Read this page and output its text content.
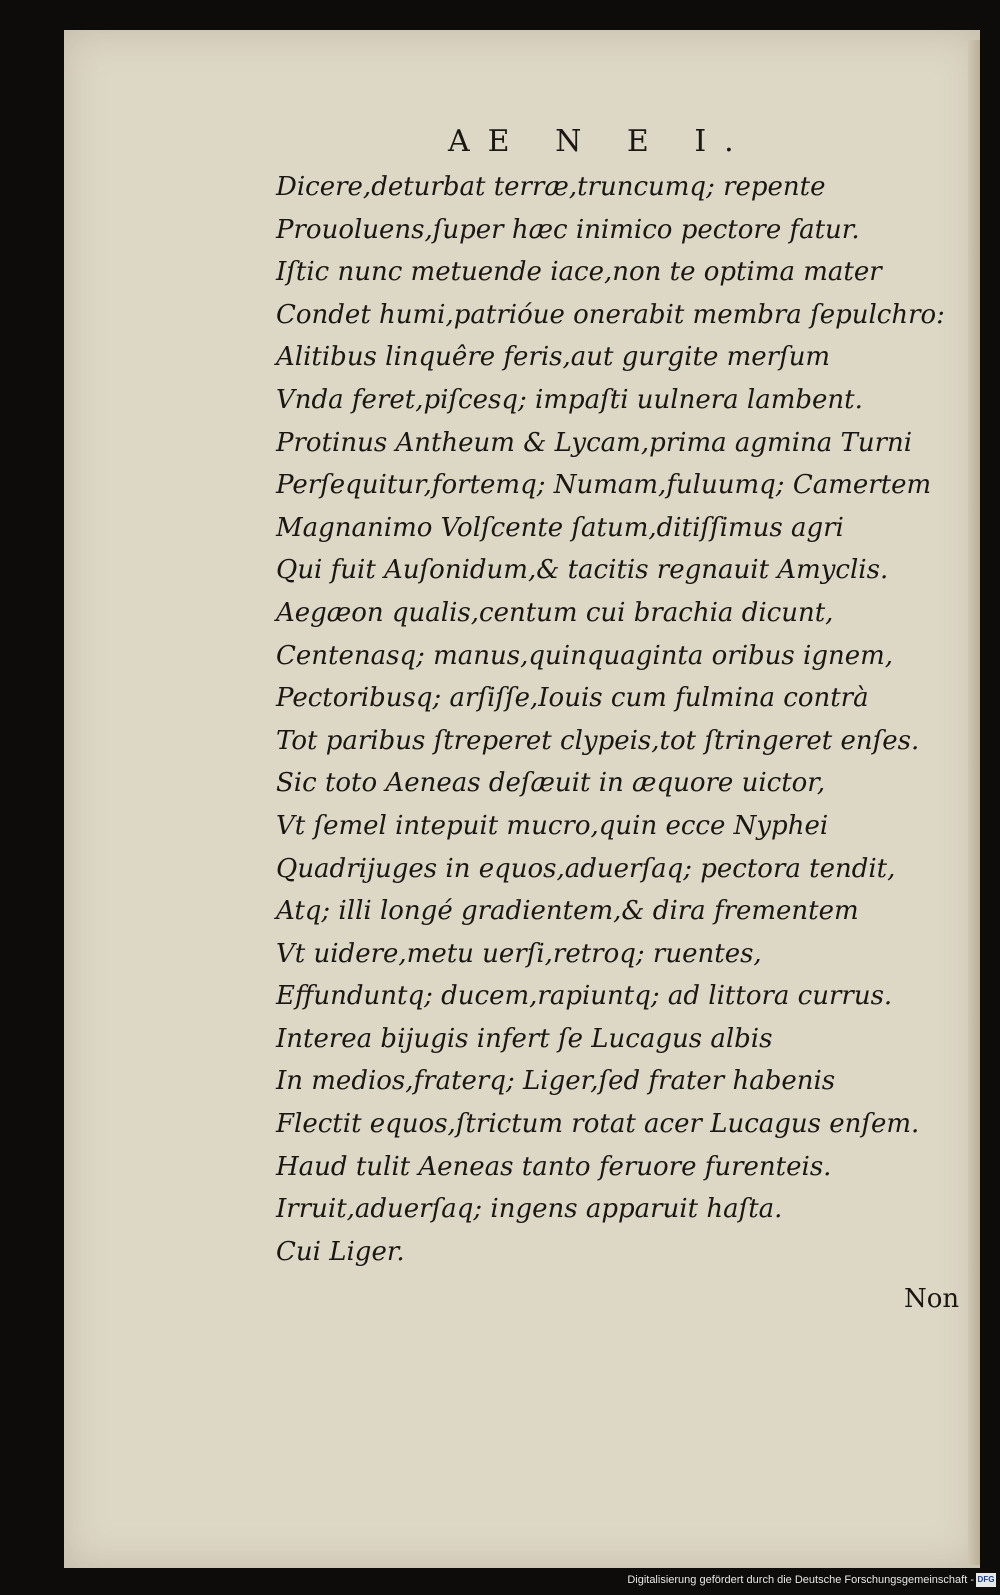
AE N E I.
Dicere,deturbat terræ,truncumq; repente
Prouoluens,ſuper hæc inimico pectore fatur.
Iſtic nunc metuende iace,non te optima mater
Condet humi,patrióue onerabit membra ſepulchro:
Alitibus linquêre feris,aut gurgite merſum
Vnda feret,piſcesq; impaſti uulnera lambent.
Protinus Antheum & Lycam,prima agmina Turni
Perſequitur,fortemq; Numam,fuluumq; Camertem
Magnanimo Volſcente ſatum,ditiſſimus agri
Qui fuit Auſonidum,& tacitis regnauit Amyclis.
Aegæon qualis,centum cui brachia dicunt,
Centenasq; manus,quinquaginta oribus ignem,
Pectoribusq; arſiſſe,Iouis cum fulmina contrà
Tot paribus ſtreperet clypeis,tot ſtringeret enſes.
Sic toto Aeneas deſæuit in æquore uictor,
Vt ſemel intepuit mucro,quin ecce Nyphei
Quadrijuges in equos,aduerſaq; pectora tendit,
Atq; illi longé gradientem,& dira frementem
Vt uidere,metu uerſi,retroq; ruentes,
Effunduntq; ducem,rapiuntq; ad littora currus.
Interea bijugis infert ſe Lucagus albis
In medios,fraterq; Liger,ſed frater habenis
Flectit equos,ſtrictum rotat acer Lucagus enſem.
Haud tulit Aeneas tanto feruore furenteis.
Irruit,aduerſaq; ingens apparuit haſta.
Cui Liger.
Non
Digitalisierung gefördert durch die Deutsche Forschungsgemeinschaft - DFG
